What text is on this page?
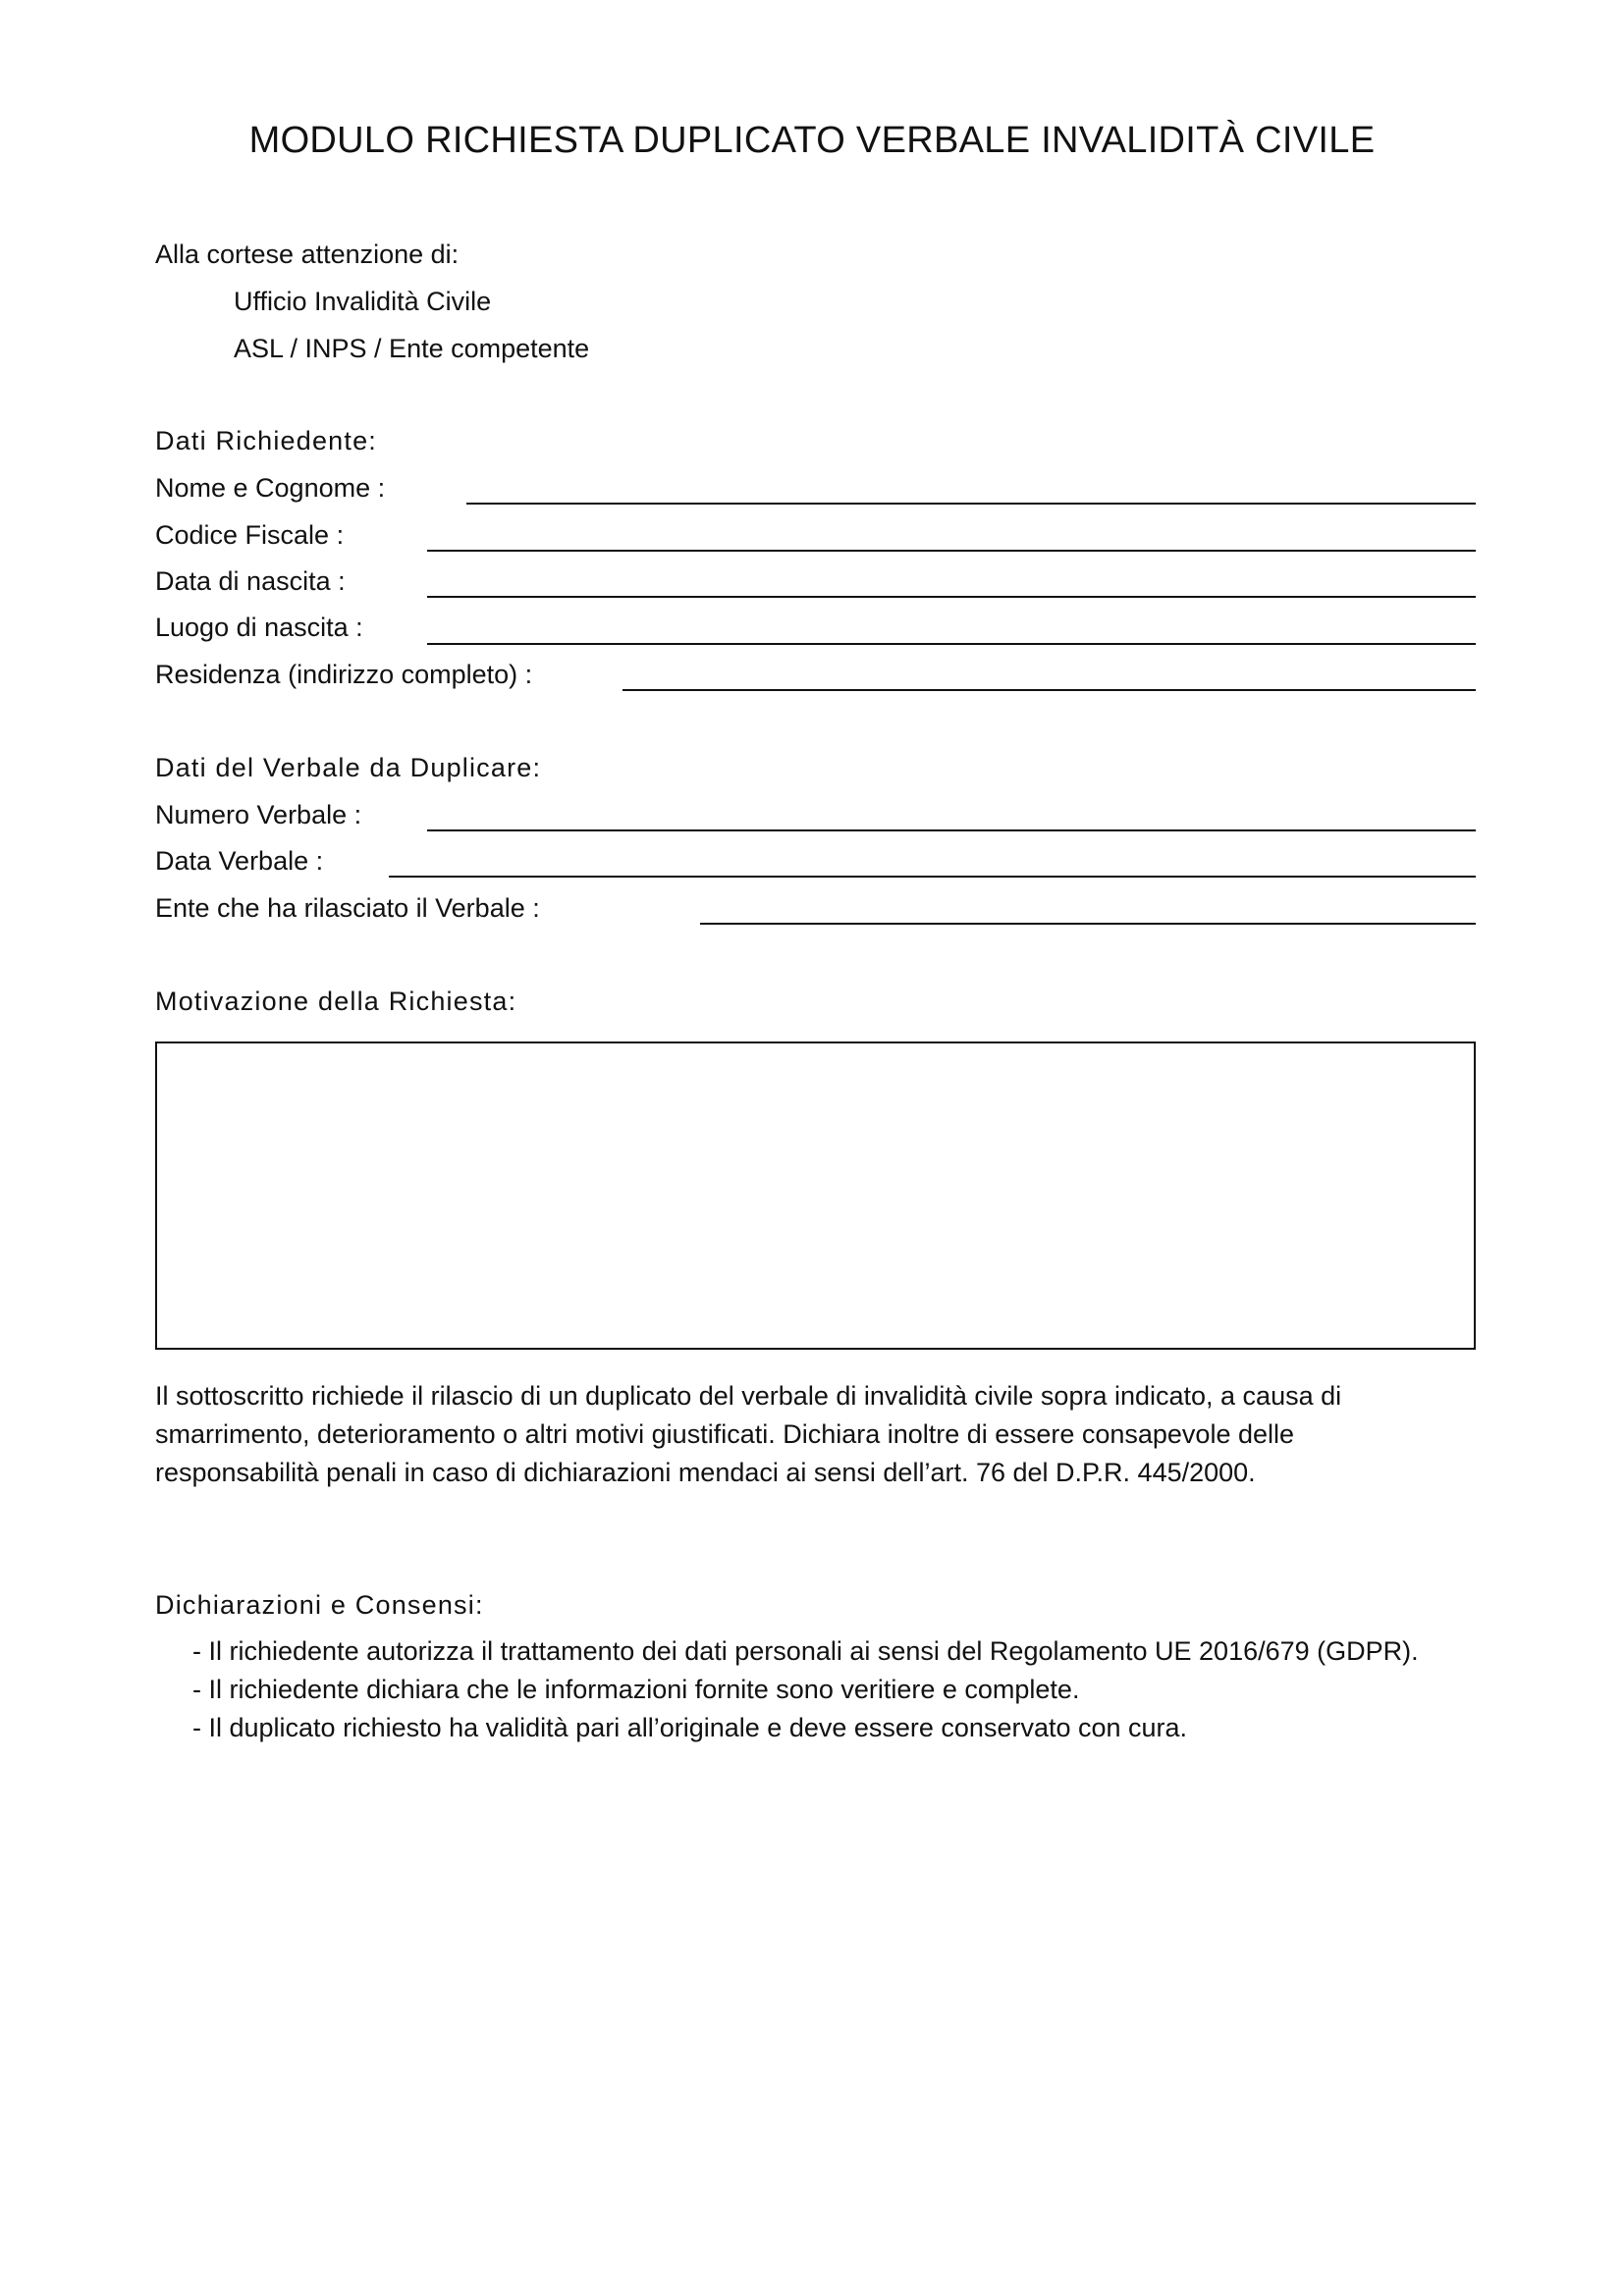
MODULO RICHIESTA DUPLICATO VERBALE INVALIDITÀ CIVILE
Alla cortese attenzione di:
Ufficio Invalidità Civile
ASL / INPS / Ente competente
Dati Richiedente:
Nome e Cognome :
Codice Fiscale :
Data di nascita :
Luogo di nascita :
Residenza (indirizzo completo) :
Dati del Verbale da Duplicare:
Numero Verbale :
Data Verbale :
Ente che ha rilasciato il Verbale :
Motivazione della Richiesta:
Il sottoscritto richiede il rilascio di un duplicato del verbale di invalidità civile sopra indicato, a causa di
smarrimento, deterioramento o altri motivi giustificati. Dichiara inoltre di essere consapevole delle
responsabilità penali in caso di dichiarazioni mendaci ai sensi dell’art. 76 del D.P.R. 445/2000.
Dichiarazioni e Consensi:
- Il richiedente autorizza il trattamento dei dati personali ai sensi del Regolamento UE 2016/679 (GDPR).
- Il richiedente dichiara che le informazioni fornite sono veritiere e complete.
- Il duplicato richiesto ha validità pari all’originale e deve essere conservato con cura.
